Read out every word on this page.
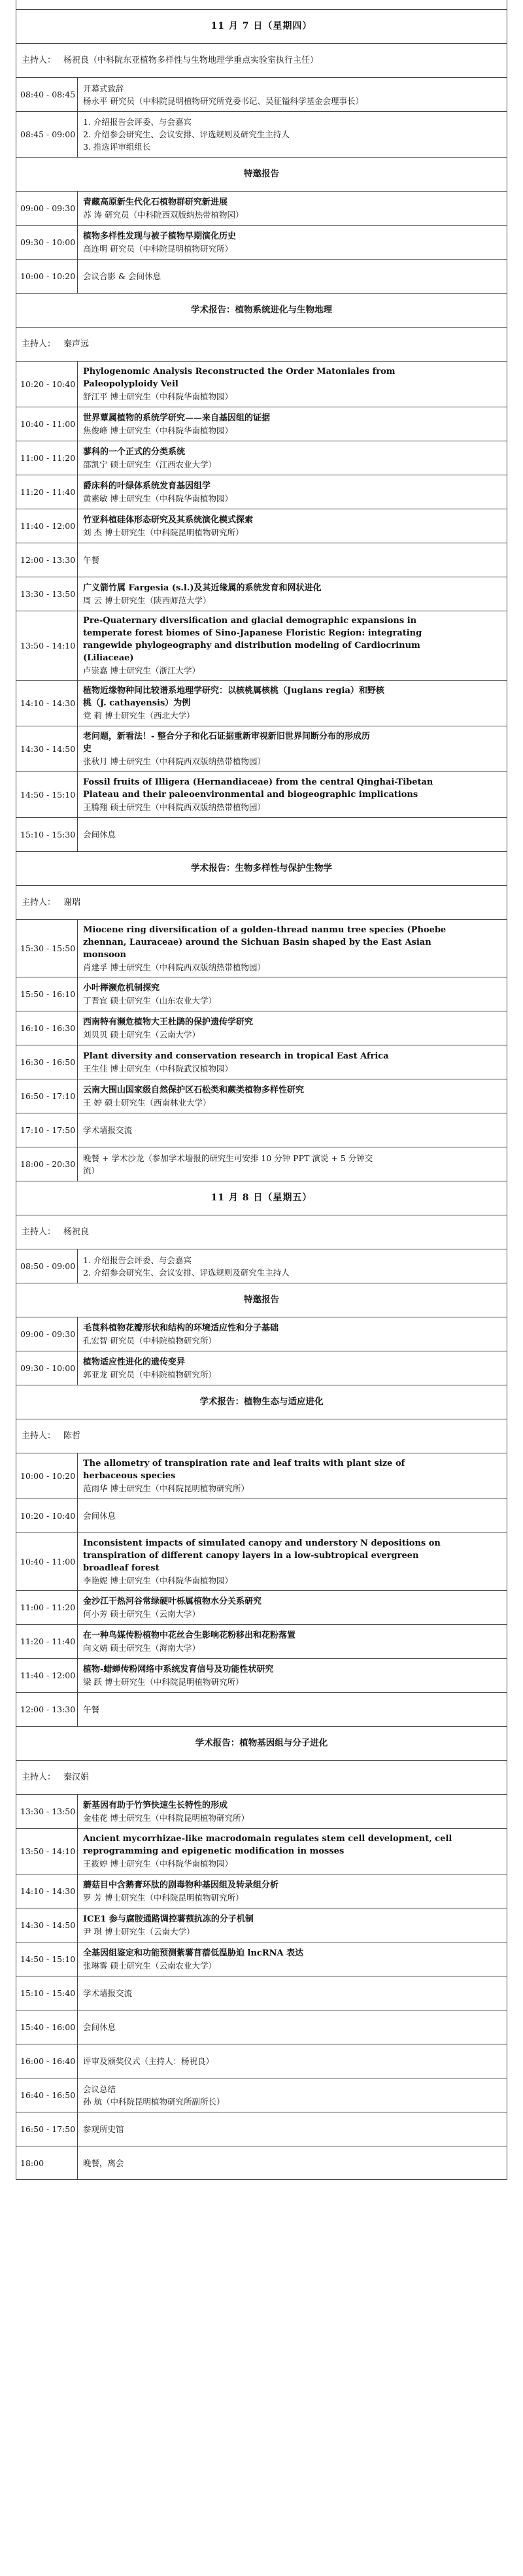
11 月 7 日（星期四）
主持人： 杨祝良（中科院东亚植物多样性与生物地理学重点实验室执行主任）
08:40 - 08:45
开幕式致辞
杨永平 研究员（中科院昆明植物研究所党委书记、吴征镒科学基金会理事长）
08:45 - 09:00
1. 介绍报告会评委、与会嘉宾
2. 介绍参会研究生、会议安排、评选规则及研究生主持人
3. 推选评审组组长
特邀报告
09:00 - 09:30
青藏高原新生代化石植物群研究新进展
苏 涛 研究员（中科院西双版纳热带植物园）
09:30 - 10:00
植物多样性发现与被子植物早期演化历史
高连明 研究员（中科院昆明植物研究所）
10:00 - 10:20 会议合影 & 会间休息
学术报告：植物系统进化与生物地理
主持人： 秦声远
10:20 - 10:40
Phylogenomic Analysis Reconstructed the Order Matoniales from
Paleopolyploidy Veil
舒江平 博士研究生（中科院华南植物园）
10:40 - 11:00
世界蕈属植物的系统学研究——来自基因组的证据
焦俊峰 博士研究生（中科院华南植物园）
11:00 - 11:20
蓼科的一个正式的分类系统
邵凯宁 硕士研究生（江西农业大学）
11:20 - 11:40
爵床科的叶绿体系统发育基因组学
黄素敏 博士研究生（中科院华南植物园）
11:40 - 12:00
竹亚科植硅体形态研究及其系统演化模式探索
刘 杰 博士研究生（中科院昆明植物研究所）
12:00 - 13:30 午餐
13:30 - 13:50
广义箭竹属 Fargesia (s.l.)及其近缘属的系统发育和网状进化
周 云 博士研究生（陕西师范大学）
13:50 - 14:10
Pre-Quaternary diversification and glacial demographic expansions in
temperate forest biomes of Sino-Japanese Floristic Region: integrating
rangewide phylogeography and distribution modeling of Cardiocrinum
(Liliaceae)
卢崇嘉 博士研究生（浙江大学）
14:10 - 14:30
植物近缘物种间比较谱系地理学研究：以核桃属核桃（Juglans regia）和野核
桃（J. cathayensis）为例
党 莉 博士研究生（西北大学）
14:30 - 14:50
老问题，新看法！- 整合分子和化石证据重新审视新旧世界间断分布的形成历
史
张秋月 博士研究生（中科院西双版纳热带植物园）
14:50 - 15:10
Fossil fruits of Illigera (Hernandiaceae) from the central Qinghai-Tibetan
Plateau and their paleoenvironmental and biogeographic implications
王腾翔 硕士研究生（中科院西双版纳热带植物园）
15:10 - 15:30 会间休息
学术报告：生物多样性与保护生物学
主持人： 谢瑞
15:30 - 15:50
Miocene ring diversification of a golden-thread nanmu tree species (Phoebe
zhennan, Lauraceae) around the Sichuan Basin shaped by the East Asian
monsoon
肖建孚 博士研究生（中科院西双版纳热带植物园）
15:50 - 16:10
小叶榉濒危机制探究
丁晋宜 硕士研究生（山东农业大学）
16:10 - 16:30
西南特有濒危植物大王杜鹃的保护遗传学研究
刘贝贝 硕士研究生（云南大学）
16:30 - 16:50
Plant diversity and conservation research in tropical East Africa
王生佳 博士研究生（中科院武汉植物园）
16:50 - 17:10
云南大围山国家级自然保护区石松类和蕨类植物多样性研究
王 婷 硕士研究生（西南林业大学）
17:10 - 17:50 学术墙报交流
18:00 - 20:30
晚餐 + 学术沙龙（参加学术墙报的研究生可安排 10 分钟 PPT 演说 + 5 分钟交
流）
11 月 8 日（星期五）
主持人： 杨祝良
08:50 - 09:00
1. 介绍报告会评委、与会嘉宾
2. 介绍参会研究生、会议安排、评选规则及研究生主持人
特邀报告
09:00 - 09:30
毛茛科植物花瓣形状和结构的环境适应性和分子基础
孔宏智 研究员（中科院植物研究所）
09:30 - 10:00
植物适应性进化的遗传变异
郭亚龙 研究员（中科院植物研究所）
学术报告：植物生态与适应进化
主持人： 陈哲
10:00 - 10:20
The allometry of transpiration rate and leaf traits with plant size of
herbaceous species
范雨华 博士研究生（中科院昆明植物研究所）
10:20 - 10:40 会间休息
10:40 - 11:00
Inconsistent impacts of simulated canopy and understory N depositions on
transpiration of different canopy layers in a low-subtropical evergreen
broadleaf forest
李艳妮 博士研究生（中科院华南植物园）
11:00 - 11:20
金沙江干热河谷常绿硬叶栎属植物水分关系研究
何小芳 硕士研究生（云南大学）
11:20 - 11:40
在一种鸟媒传粉植物中花丝合生影响花粉移出和花粉落置
向文婧 硕士研究生（海南大学）
11:40 - 12:00
植物-蜡蝉传粉网络中系统发育信号及功能性状研究
梁 跃 博士研究生（中科院昆明植物研究所）
12:00 - 13:30 午餐
学术报告：植物基因组与分子进化
主持人： 秦汉娟
13:30 - 13:50
新基因有助于竹笋快速生长特性的形成
金桂花 博士研究生（中科院昆明植物研究所）
13:50 - 14:10
Ancient mycorrhizae-like macrodomain regulates stem cell development, cell
reprogramming and epigenetic modification in mosses
王筱婷 博士研究生（中科院华南植物园）
14:10 - 14:30
蘑菇目中含鹅膏环肽的剧毒物种基因组及转录组分析
罗 芳 博士研究生（中科院昆明植物研究所）
14:30 - 14:50
ICE1 参与腐胺通路调控薯蓣抗冻的分子机制
尹 琪 博士研究生（云南大学）
14:50 - 15:10
全基因组鉴定和功能预测紫薯苜蓿低温胁迫 lncRNA 表达
张琳雾 硕士研究生（云南农业大学）
15:10 - 15:40 学术墙报交流
15:40 - 16:00 会间休息
16:00 - 16:40 评审及颁奖仪式（主持人：杨祝良）
16:40 - 16:50
会议总结
孙 航（中科院昆明植物研究所副所长）
16:50 - 17:50 参观所史馆
18:00	晚餐，离会
